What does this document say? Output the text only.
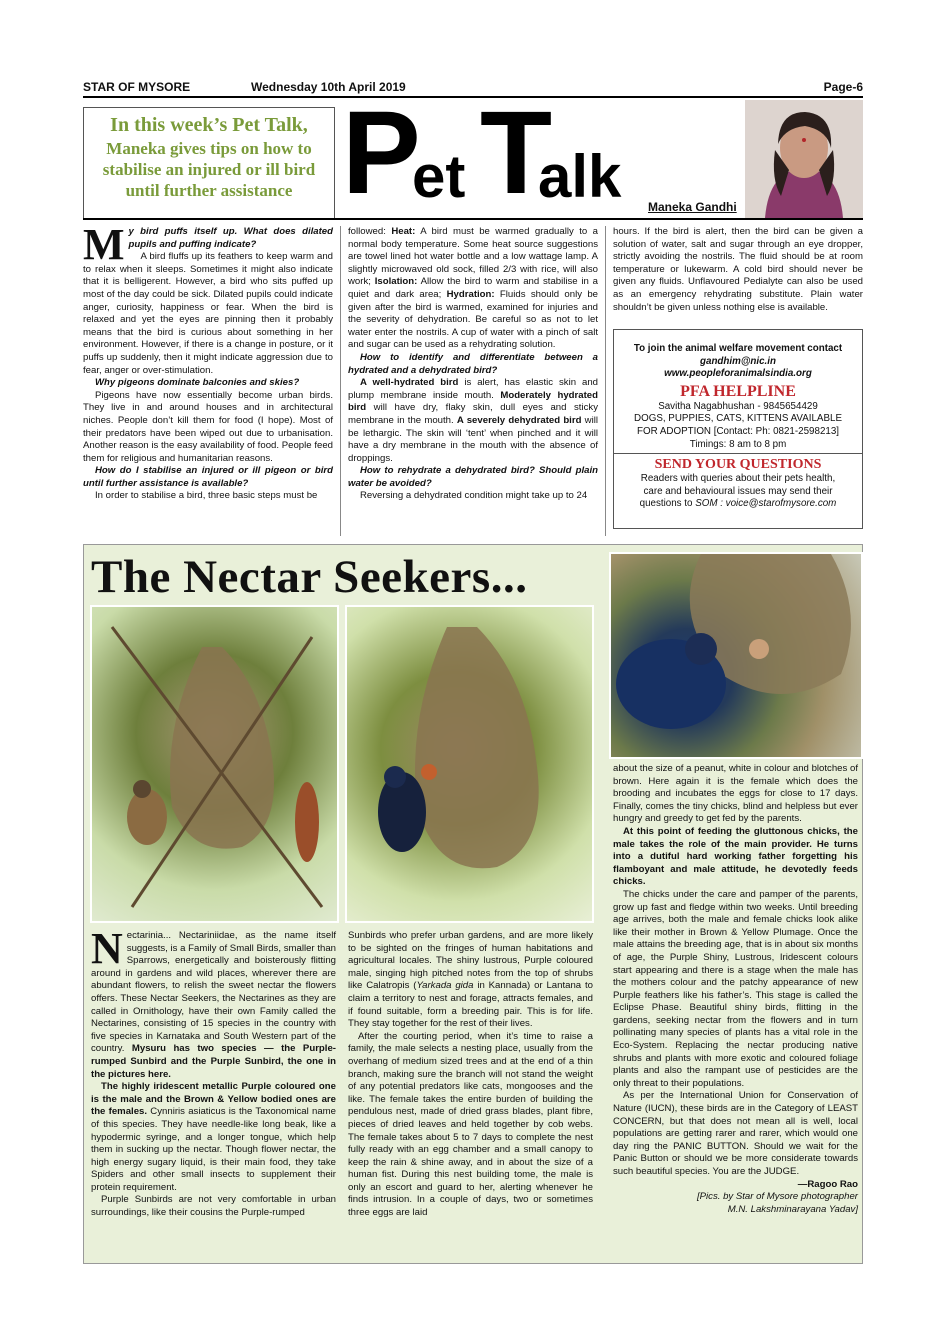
STAR OF MYSORE	Wednesday 10th April 2019	Page-6
In this week’s Pet Talk,
Maneka gives tips on how to
stabilise an injured or ill bird
until further assistance P
et T
alk Maneka Gandhi
M y bird puffs itself up. What does dilated pupils and puffing indicate?

A bird fluffs up its feathers to keep warm and to relax when it sleeps. Sometimes it might also indicate that it is belligerent. However, a bird who sits puffed up most of the day could be sick. Dilated pupils could indicate anger, curiosity, happiness or fear. When the bird is relaxed and yet the eyes are pinning then it probably means that the bird is curious about something in her environment. However, if there is a change in posture, or it puffs up suddenly, then it might indicate aggression due to fear, anger or over-stimulation.

Why pigeons dominate balconies and skies?

Pigeons have now essentially become urban birds. They live in and around houses and in architectural niches. People don’t kill them for food (I hope). Most of their predators have been wiped out due to urbanisation. Another reason is the easy availability of food. People feed them for religious and humanitarian reasons.

How do I stabilise an injured or ill pigeon or bird until further assistance is available?

In order to stabilise a bird, three basic steps must be

followed: Heat: A bird must be warmed gradually to a normal body temperature. Some heat source suggestions are towel lined hot water bottle and a low wattage lamp. A slightly microwaved old sock, filled 2/3 with rice, will also work; Isolation: Allow the bird to warm and stabilise in a quiet and dark area; Hydration: Fluids should only be given after the bird is warmed, examined for injuries and the severity of dehydration. Be careful so as not to let water enter the nostrils. A cup of water with a pinch of salt and sugar can be used as a rehydrating solution.

How to identify and differentiate between a hydrated and a dehydrated bird?

A well-hydrated bird is alert, has elastic skin and plump membrane inside mouth. Moderately hydrated bird will have dry, flaky skin, dull eyes and sticky membrane in the mouth. A severely dehydrated bird will be lethargic. The skin will ‘tent’ when pinched and it will have a dry membrane in the mouth with the absence of droppings.

How to rehydrate a dehydrated bird? Should plain water be avoided?

Reversing a dehydrated condition might take up to 24

hours. If the bird is alert, then the bird can be given a solution of water, salt and sugar through an eye dropper, strictly avoiding the nostrils. The fluid should be at room temperature or lukewarm. A cold bird should never be given any fluids. Unflavoured Pedialyte can also be used as an emergency rehydrating substitute. Plain water shouldn’t be given unless nothing else is available.

To join the animal welfare movement contact
gandhim@nic.in
www.peopleforanimalsindia.org
PFA HELPLINE
Savitha Nagabhushan - 9845654429
DOGS, PUPPIES, CATS, KITTENS AVAILABLE
FOR ADOPTION [Contact: Ph: 0821-2598213]
Timings: 8 am to 8 pm
SEND YOUR QUESTIONS
Readers with queries about their pets health,
care and behavioural issues may send their
questions to SOM : voice@starofmysore.com
The Nectar Seekers...
N ectarinia... Nectariniidae, as the name itself suggests, is a Family of Small Birds, smaller than Sparrows, energetically and boisterously flitting around in gardens and wild places, wherever there are abundant flowers, to relish the sweet nectar the flowers offers. These Nectar Seekers, the Nectarines as they are called in Ornithology, have their own Family called the Nectarines, consisting of 15 species in the country with five species in Karnataka and South Western part of the country. Mysuru has two species — the Purple-rumped Sunbird and the Purple Sunbird, the one in the pictures here.

The highly iridescent metallic Purple coloured one is the male and the Brown & Yellow bodied ones are the females. Cynniris asiaticus is the Taxonomical name of this species. They have needle-like long beak, like a hypodermic syringe, and a longer tongue, which help them in sucking up the nectar. Though flower nectar, the high energy sugary liquid, is their main food, they take Spiders and other small insects to supplement their protein requirement.

Purple Sunbirds are not very comfortable in urban surroundings, like their cousins the Purple-rumped

Sunbirds who prefer urban gardens, and are more likely to be sighted on the fringes of human habitations and agricultural locales. The shiny lustrous, Purple coloured male, singing high pitched notes from the top of shrubs like Calatropis (Yarkada gida in Kannada) or Lantana to claim a territory to nest and forage, attracts females, and if found suitable, form a breeding pair. This is for life. They stay together for the rest of their lives.

After the courting period, when it’s time to raise a family, the male selects a nesting place, usually from the overhang of medium sized trees and at the end of a thin branch, making sure the branch will not stand the weight of any potential predators like cats, mongooses and the like. The female takes the entire burden of building the pendulous nest, made of dried grass blades, plant fibre, pieces of dried leaves and held together by cob webs. The female takes about 5 to 7 days to complete the nest fully ready with an egg chamber and a small canopy to keep the rain & shine away, and in about the size of a human fist. During this nest building tome, the male is only an escort and guard to her, alerting whenever he finds intrusion. In a couple of days, two or sometimes three eggs are laid

about the size of a peanut, white in colour and blotches of brown. Here again it is the female which does the brooding and incubates the eggs for close to 17 days. Finally, comes the tiny chicks, blind and helpless but ever hungry and greedy to get fed by the parents.

At this point of feeding the gluttonous chicks, the male takes the role of the main provider. He turns into a dutiful hard working father forgetting his flamboyant and male attitude, he devotedly feeds chicks.

The chicks under the care and pamper of the parents, grow up fast and fledge within two weeks. Until breeding age arrives, both the male and female chicks look alike like their mother in Brown & Yellow Plumage. Once the male attains the breeding age, that is in about six months of age, the Purple Shiny, Lustrous, Iridescent colours start appearing and there is a stage when the male has the mothers colour and the patchy appearance of new Purple feathers like his father’s. This stage is called the Eclipse Phase. Beautiful shiny birds, flitting in the gardens, seeking nectar from the flowers and in turn pollinating many species of plants has a vital role in the Eco-System. Replacing the nectar producing native shrubs and plants with more exotic and coloured foliage plants and also the rampant use of pesticides are the only threat to their populations.

As per the International Union for Conservation of Nature (IUCN), these birds are in the Category of LEAST CONCERN, but that does not mean all is well, local populations are getting rarer and rarer, which would one day ring the PANIC BUTTON. Should we wait for the Panic Button or should we be more considerate towards such beautiful species. You are the JUDGE.

—Ragoo Rao

[Pics. by Star of Mysore photographer

M.N. Lakshminarayana Yadav]
